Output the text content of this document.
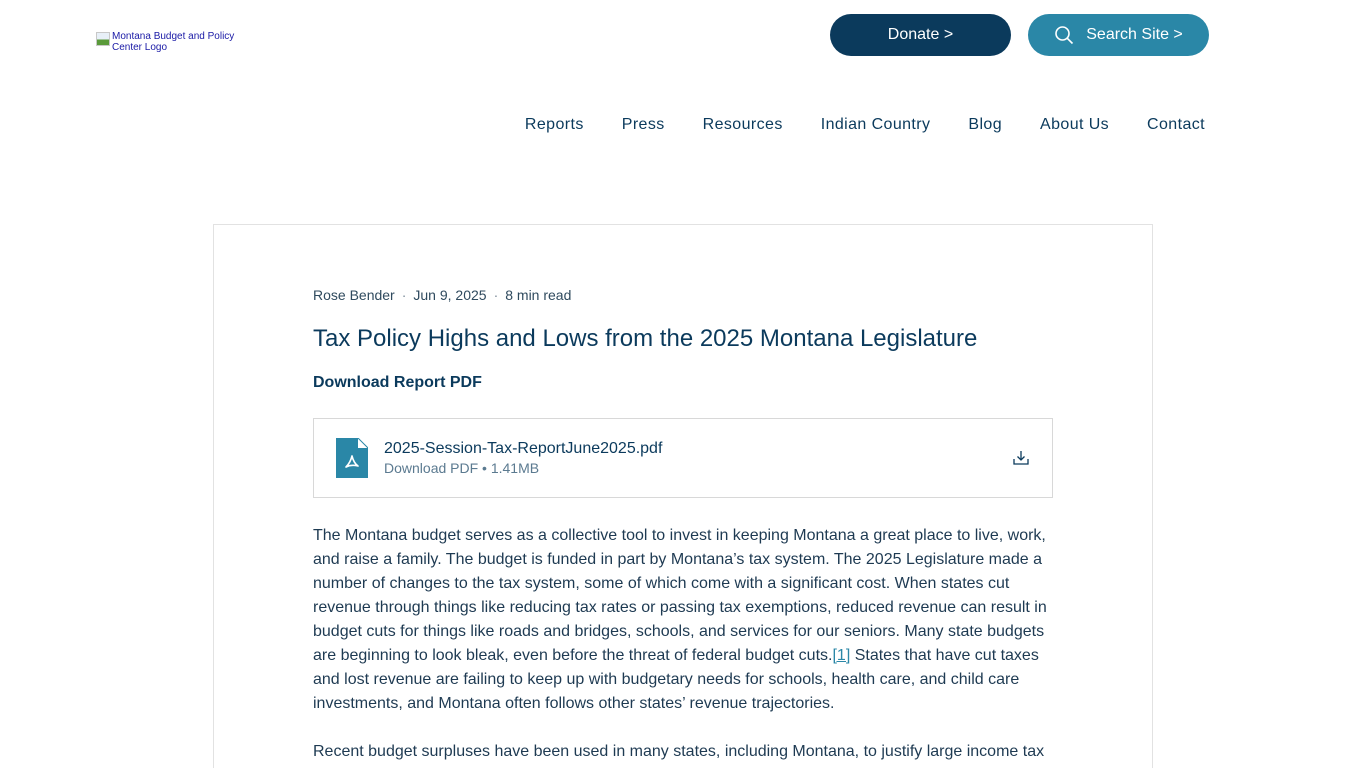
Montana Budget and Policy Center Logo
Donate >	Search Site >
Reports Press Resources Indian Country Blog About Us Contact
Rose Bender · Jun 9, 2025 · 8 min read
Tax Policy Highs and Lows from the 2025 Montana Legislature
Download Report PDF
2025-Session-Tax-ReportJune2025.pdf
Download PDF • 1.41MB

The Montana budget serves as a collective tool to invest in keeping Montana a great place to live, work, and raise a family. The budget is funded in part by Montana’s tax system. The 2025 Legislature made a number of changes to the tax system, some of which come with a significant cost. When states cut revenue through things like reducing tax rates or passing tax exemptions, reduced revenue can result in budget cuts for things like roads and bridges, schools, and services for our seniors. Many state budgets are beginning to look bleak, even before the threat of federal budget cuts.[1] States that have cut taxes and lost revenue are failing to keep up with budgetary needs for schools, health care, and child care investments, and Montana often follows other states’ revenue trajectories.

Recent budget surpluses have been used in many states, including Montana, to justify large income tax
